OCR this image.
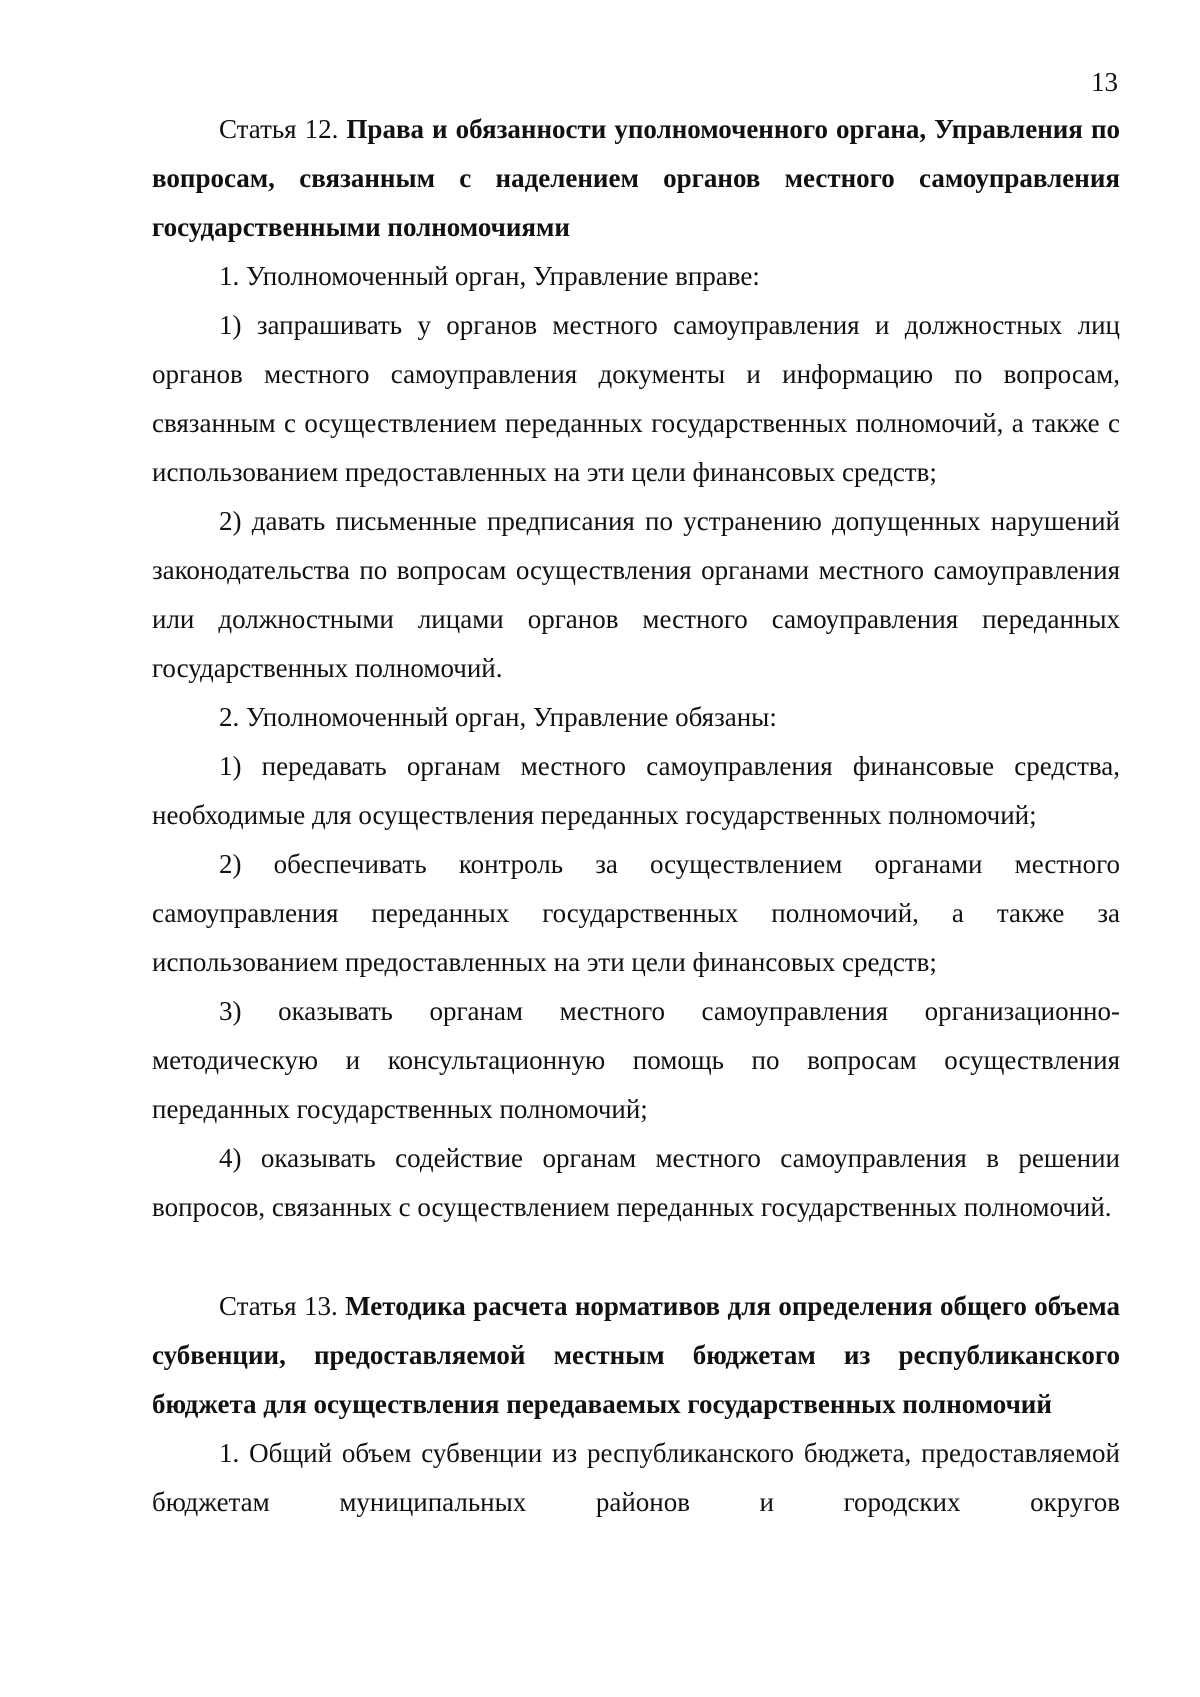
13

Статья 12. Права и обязанности уполномоченного органа, Управления по вопросам, связанным с наделением органов местного самоуправления государственными полномочиями

1. Уполномоченный орган, Управление вправе:

1) запрашивать у органов местного самоуправления и должностных лиц органов местного самоуправления документы и информацию по вопросам, связанным с осуществлением переданных государственных полномочий, а также с использованием предоставленных на эти цели финансовых средств;

2) давать письменные предписания по устранению допущенных нарушений законодательства по вопросам осуществления органами местного самоуправления или должностными лицами органов местного самоуправления переданных государственных полномочий.

2. Уполномоченный орган, Управление обязаны:

1) передавать органам местного самоуправления финансовые средства, необходимые для осуществления переданных государственных полномочий;

2) обеспечивать контроль за осуществлением органами местного самоуправления переданных государственных полномочий, а также за использованием предоставленных на эти цели финансовых средств;

3) оказывать органам местного самоуправления организационно-методическую и консультационную помощь по вопросам осуществления переданных государственных полномочий;

4) оказывать содействие органам местного самоуправления в решении вопросов, связанных с осуществлением переданных государственных полномочий.

Статья 13. Методика расчета нормативов для определения общего объема субвенции, предоставляемой местным бюджетам из республиканского бюджета для осуществления передаваемых государственных полномочий

1. Общий объем субвенции из республиканского бюджета, предоставляемой бюджетам муниципальных районов и городских округов
